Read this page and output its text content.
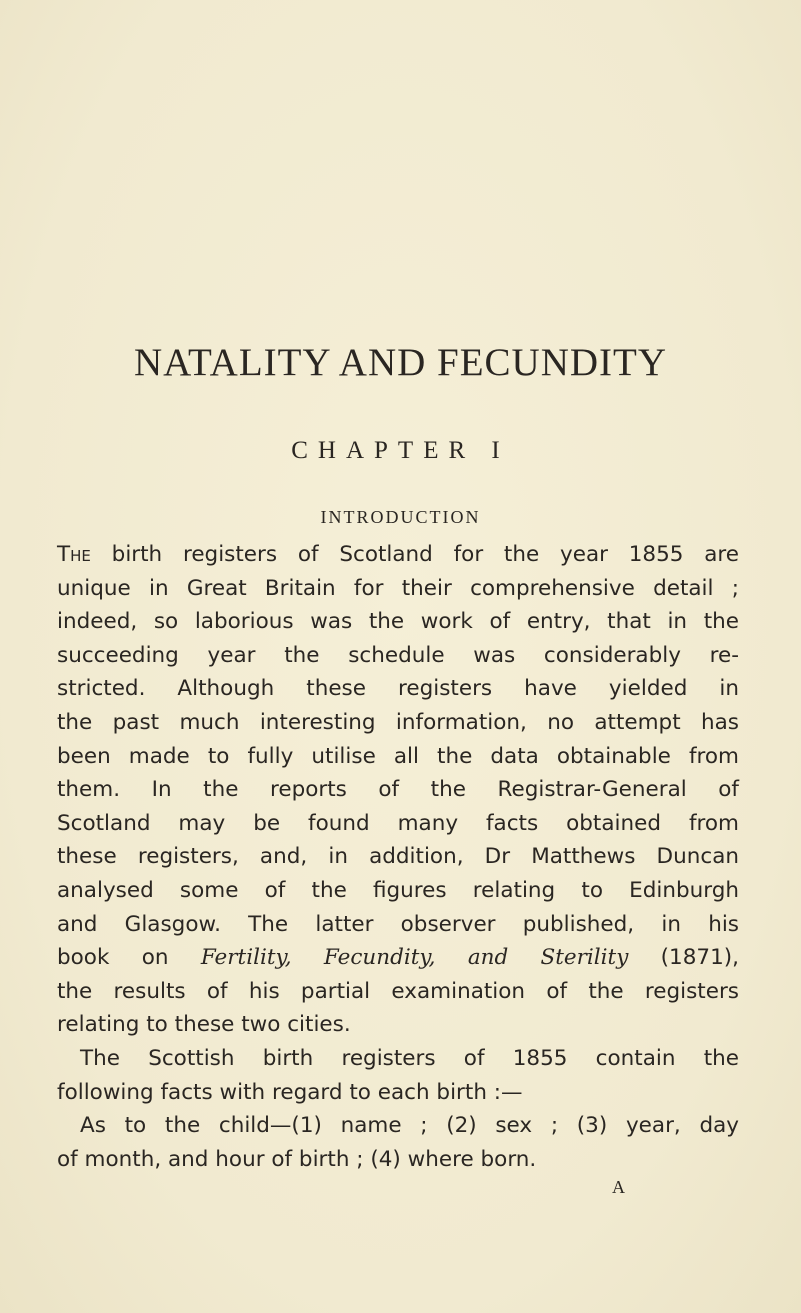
NATALITY AND FECUNDITY
CHAPTER I
INTRODUCTION
The birth registers of Scotland for the year 1855 are
unique in Great Britain for their comprehensive detail ;
indeed, so laborious was the work of entry, that in the
succeeding year the schedule was considerably re-
stricted. Although these registers have yielded in
the past much interesting information, no attempt has
been made to fully utilise all the data obtainable from
them. In the reports of the Registrar-General of
Scotland may be found many facts obtained from
these registers, and, in addition, Dr Matthews Duncan
analysed some of the figures relating to Edinburgh
and Glasgow. The latter observer published, in his
book on Fertility, Fecundity, and Sterility (1871),
the results of his partial examination of the registers
relating to these two cities.
The Scottish birth registers of 1855 contain the
following facts with regard to each birth :—
As to the child—(1) name ; (2) sex ; (3) year, day
of month, and hour of birth ; (4) where born.
A
